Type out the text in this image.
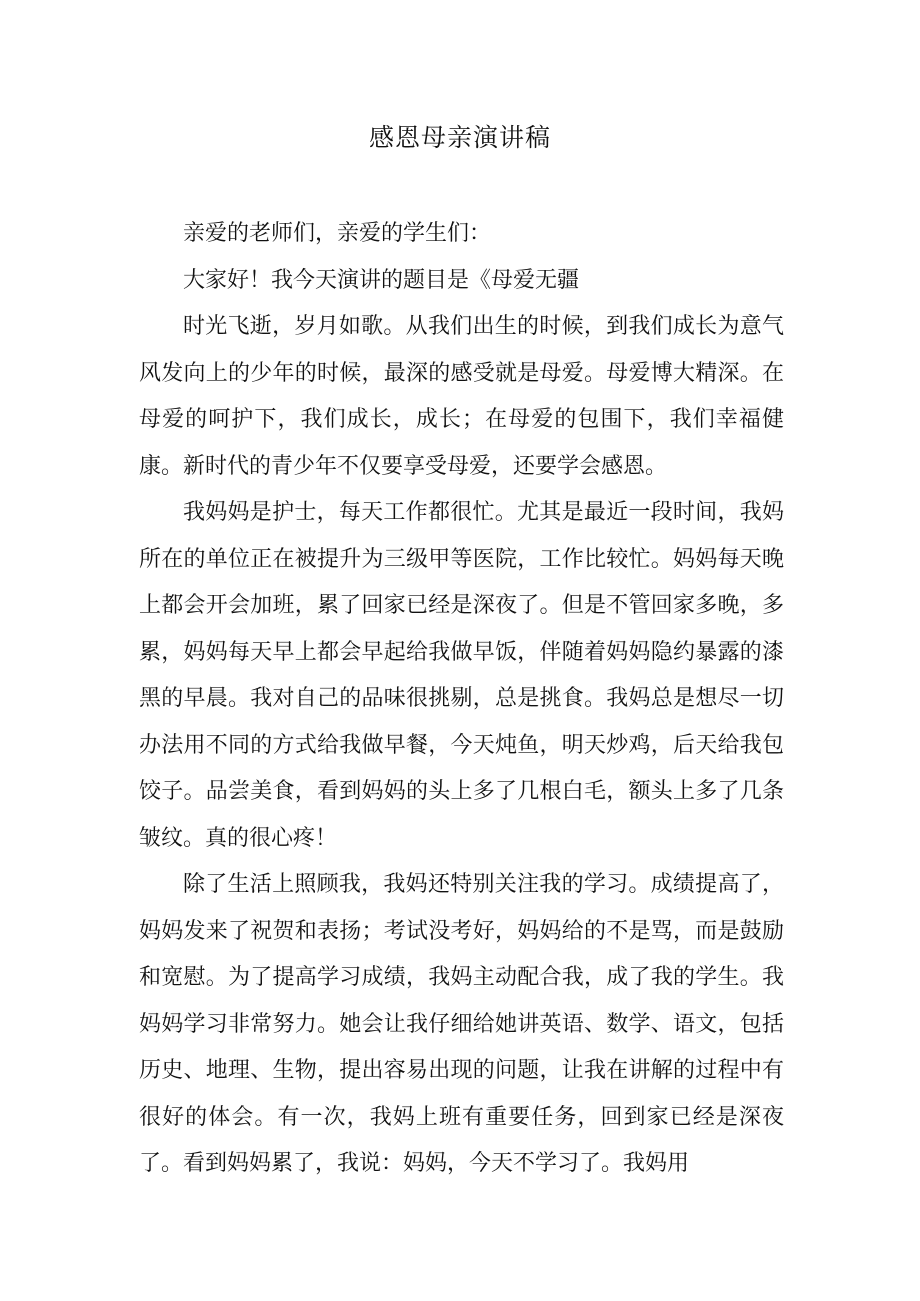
感恩母亲演讲稿

亲爱的老师们，亲爱的学生们：

大家好！我今天演讲的题目是《母爱无疆

时光飞逝，岁月如歌。从我们出生的时候，到我们成长为意气风发向上的少年的时候，最深的感受就是母爱。母爱博大精深。在母爱的呵护下，我们成长，成长；在母爱的包围下，我们幸福健康。新时代的青少年不仅要享受母爱，还要学会感恩。

我妈妈是护士，每天工作都很忙。尤其是最近一段时间，我妈所在的单位正在被提升为三级甲等医院，工作比较忙。妈妈每天晚上都会开会加班，累了回家已经是深夜了。但是不管回家多晚，多累，妈妈每天早上都会早起给我做早饭，伴随着妈妈隐约暴露的漆黑的早晨。我对自己的品味很挑剔，总是挑食。我妈总是想尽一切办法用不同的方式给我做早餐，今天炖鱼，明天炒鸡，后天给我包饺子。品尝美食，看到妈妈的头上多了几根白毛，额头上多了几条皱纹。真的很心疼！

除了生活上照顾我，我妈还特别关注我的学习。成绩提高了，妈妈发来了祝贺和表扬；考试没考好，妈妈给的不是骂，而是鼓励和宽慰。为了提高学习成绩，我妈主动配合我，成了我的学生。我妈妈学习非常努力。她会让我仔细给她讲英语、数学、语文，包括历史、地理、生物，提出容易出现的问题，让我在讲解的过程中有很好的体会。有一次，我妈上班有重要任务，回到家已经是深夜了。看到妈妈累了，我说：妈妈，今天不学习了。我妈用
